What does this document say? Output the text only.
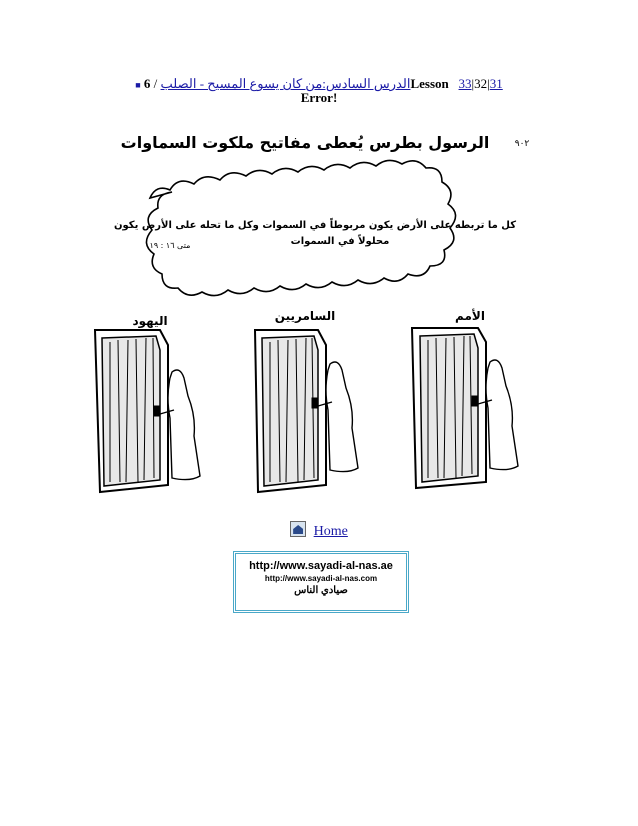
■ الدرس السادس:من كان يسوع المسيح - الصلب / 6Lesson 33|32|31
Error!
الرسول بطرس يُعطى مفاتيح ملكوت السماوات	٩٠٢
كل ما تربطه على الأرض يكون مربوطاً في السموات وكل ما تحله على الأرض يكون
محلولاً في السموات
متى ١٦ : ١٩
اليهود	السامريين	الأمم
Home
http://www.sayadi-al-nas.ae
http://www.sayadi-al-nas.com
صيادي الناس
